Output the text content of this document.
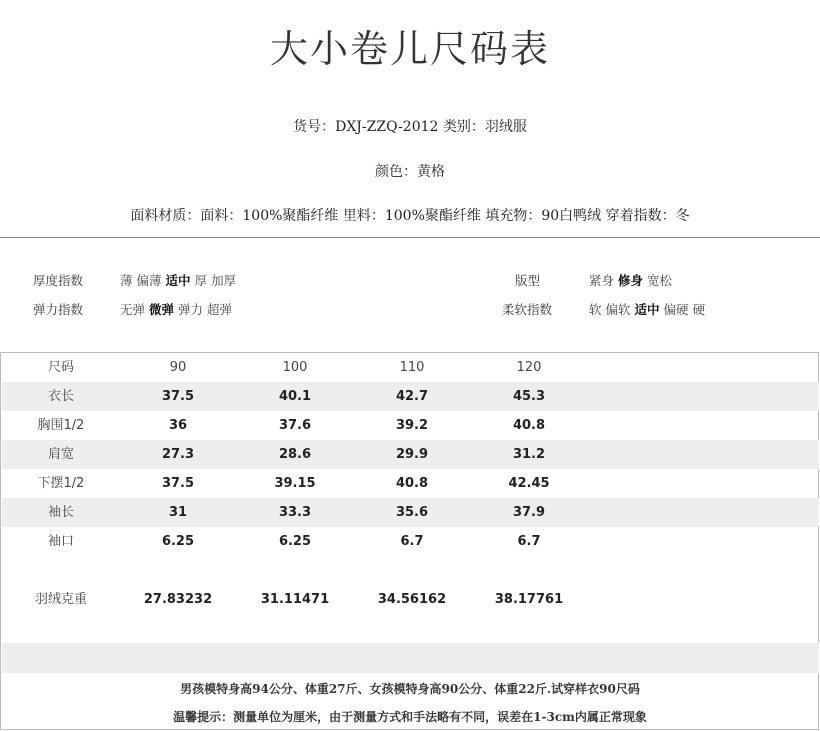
大小卷儿尺码表
货号：DXJ-ZZQ-2012 类别：羽绒服
颜色：黄格
面料材质：面料：100%聚酯纤维 里料：100%聚酯纤维 填充物：90白鸭绒 穿着指数：冬
厚度指数	薄 偏薄 适中 厚 加厚
弹力指数	无弹 微弹 弹力 超弹
版型	紧身 修身 宽松
柔软指数	软 偏软 适中 偏硬 硬
尺码	90	100	110	120
衣长	37.5	40.1	42.7	45.3
胸围1/2	36	37.6	39.2	40.8
肩宽	27.3	28.6	29.9	31.2
下摆1/2	37.5	39.15	40.8	42.45
袖长	31	33.3	35.6	37.9
袖口	6.25	6.25	6.7	6.7
羽绒克重	27.83232	31.11471	34.56162	38.17761
男孩模特身高94公分、体重27斤、女孩模特身高90公分、体重22斤.试穿样衣90尺码
温馨提示：测量单位为厘米，由于测量方式和手法略有不同，误差在1-3cm内属正常现象
